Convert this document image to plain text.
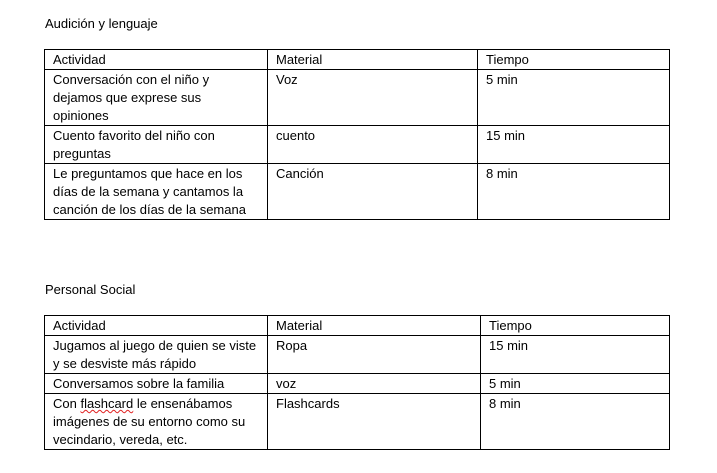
Audición y lenguaje
Actividad	Material	Tiempo
Conversación con el niño y dejamos que exprese sus opiniones	Voz	5 min
Cuento favorito del niño con preguntas	cuento	15 min
Le preguntamos que hace en los días de la semana y cantamos la canción de los días de la semana	Canción	8 min
Personal Social
Actividad	Material	Tiempo
Jugamos al juego de quien se viste y se desviste más rápido	Ropa	15 min
Conversamos sobre la familia	voz	5 min
Con flashcard le ensenábamos imágenes de su entorno como su vecindario, vereda, etc.	Flashcards	8 min
